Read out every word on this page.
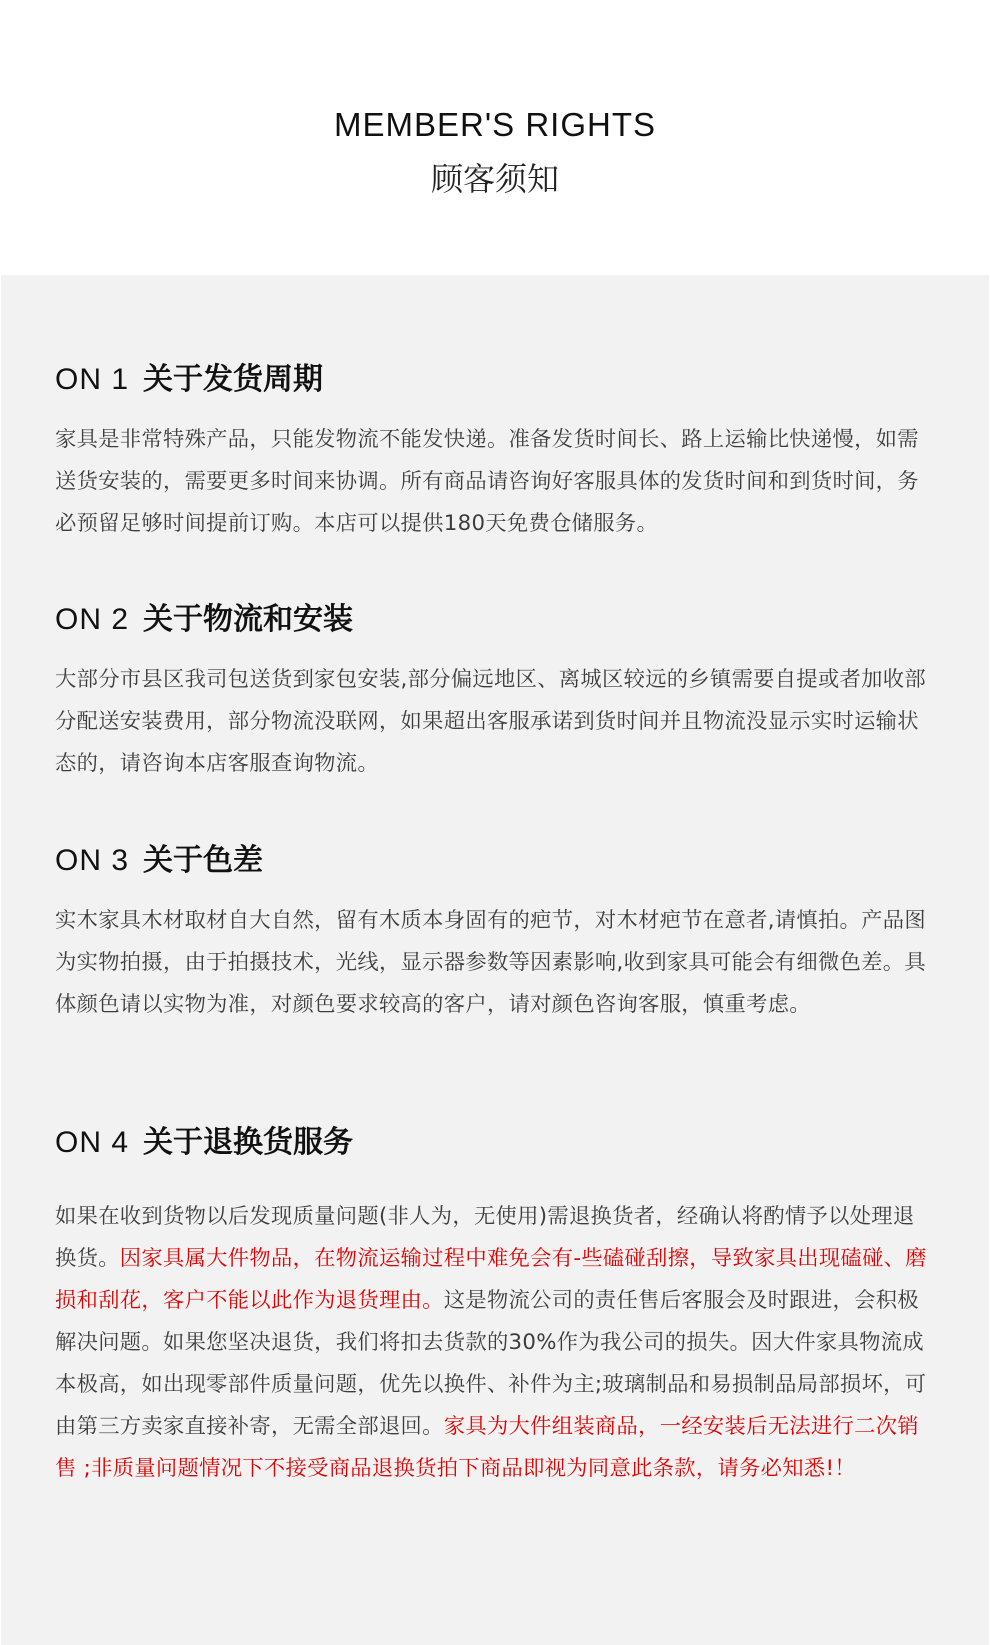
MEMBER'S RIGHTS
顾客须知
ON 1 关于发货周期

家具是非常特殊产品，只能发物流不能发快递。准备发货时间长、路上运输比快递慢，如需送货安装的，需要更多时间来协调。所有商品请咨询好客服具体的发货时间和到货时间，务必预留足够时间提前订购。本店可以提供180天免费仓储服务。

ON 2 关于物流和安装

大部分市县区我司包送货到家包安装,部分偏远地区、离城区较远的乡镇需要自提或者加收部分配送安装费用，部分物流没联网，如果超出客服承诺到货时间并且物流没显示实时运输状态的，请咨询本店客服查询物流。

ON 3 关于色差

实木家具木材取材自大自然，留有木质本身固有的疤节，对木材疤节在意者,请慎拍。产品图为实物拍摄，由于拍摄技术，光线，显示器参数等因素影响,收到家具可能会有细微色差。具体颜色请以实物为准，对颜色要求较高的客户，请对颜色咨询客服，慎重考虑。

ON 4 关于退换货服务

如果在收到货物以后发现质量问题(非人为，无使用)需退换货者，经确认将酌情予以处理退换货。因家具属大件物品，在物流运输过程中难免会有-些磕碰刮擦，导致家具出现磕碰、磨损和刮花，客户不能以此作为退货理由。这是物流公司的责任售后客服会及时跟进，会积极解决问题。如果您坚决退货，我们将扣去货款的30%作为我公司的损失。因大件家具物流成本极高，如出现零部件质量问题，优先以换件、补件为主;玻璃制品和易损制品局部损坏，可由第三方卖家直接补寄，无需全部退回。家具为大件组装商品，一经安装后无法进行二次销售 ;非质量问题情况下不接受商品退换货拍下商品即视为同意此条款，请务必知悉!！
